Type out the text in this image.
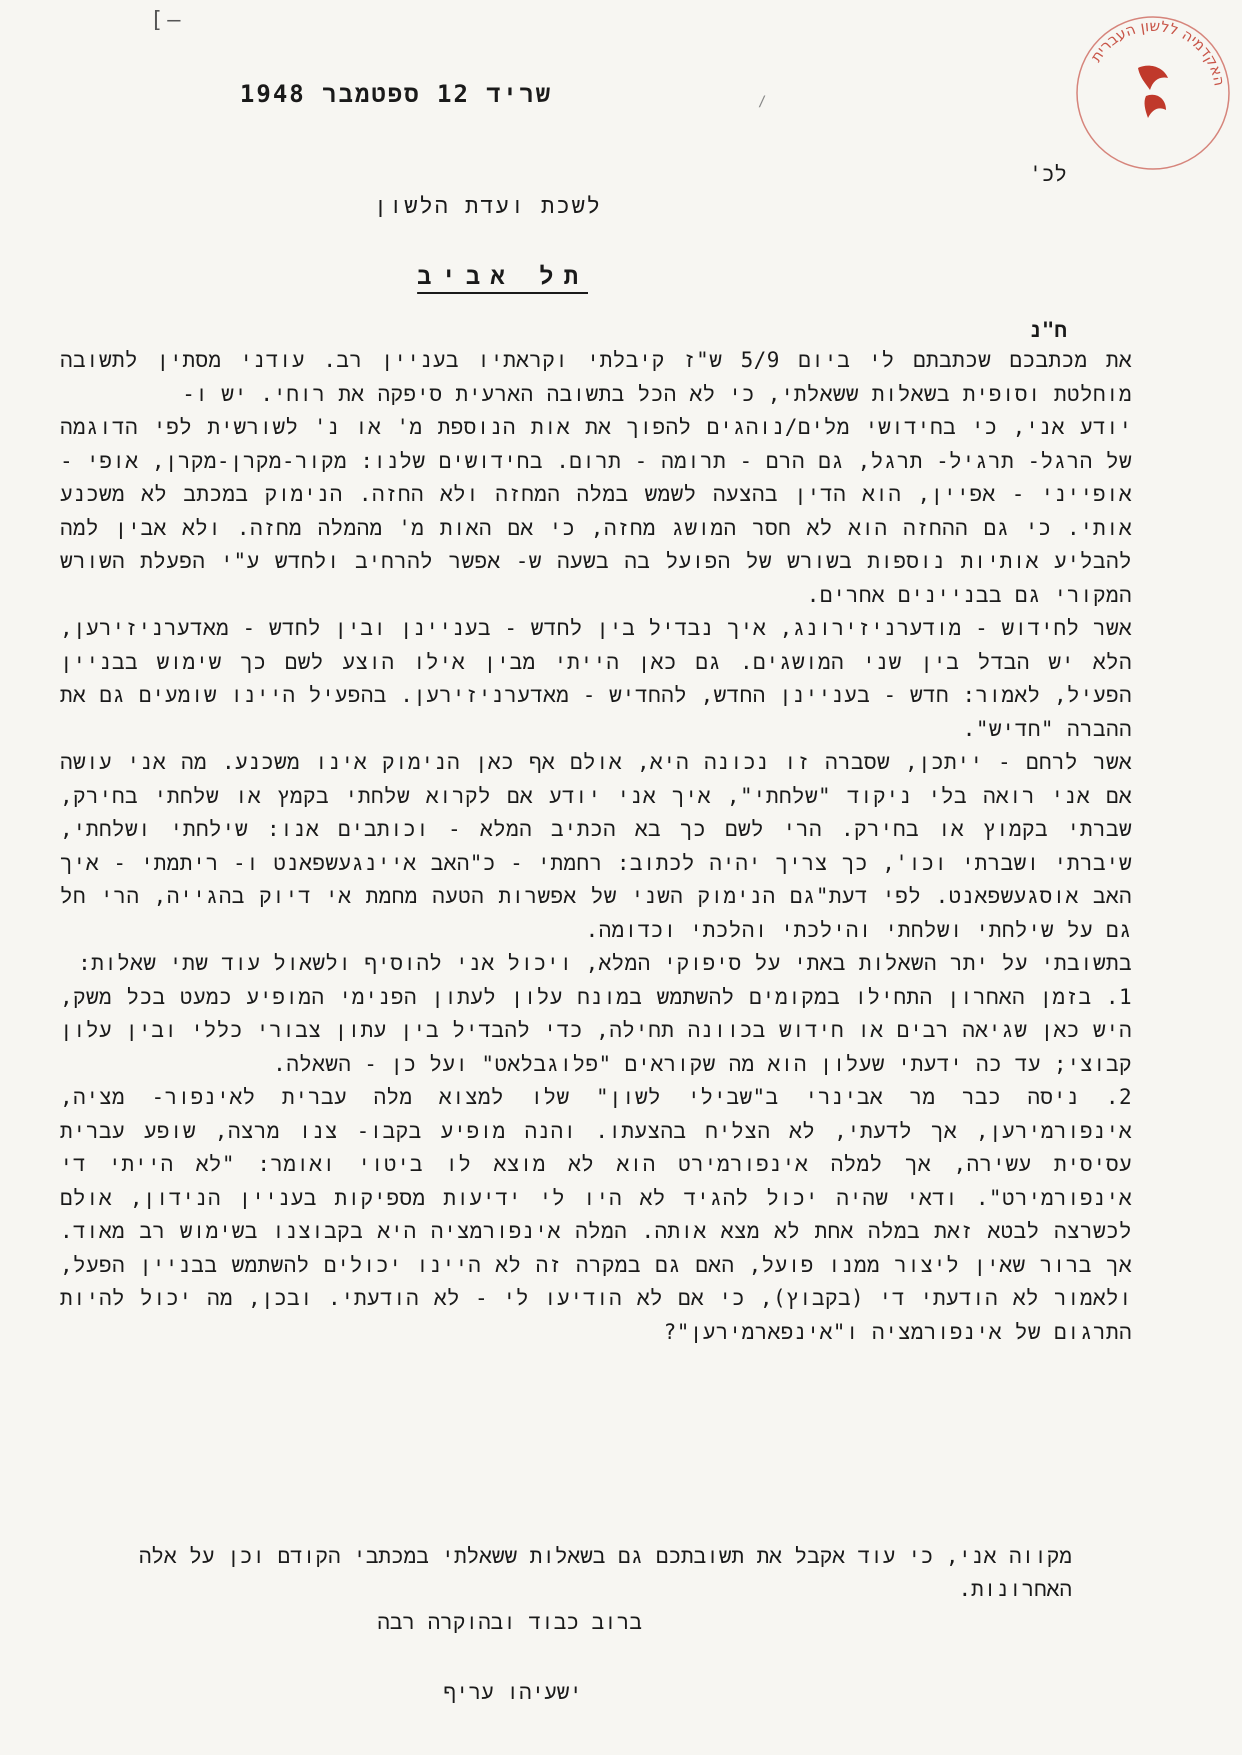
[–
/
האקדמיה ללשון העברית
שריד 12 ספטמבר 1948
לכ'
לשכת ועדת הלשון
תל אביב
ח"נ

את מכתבכם שכתבתם לי ביום 5/9 ש"ז קיבלתי וקראתיו בעניין רב. עודני מסתין לתשובה מוחלטת וסופית בשאלות ששאלתי, כי לא הכל בתשובה הארעית סיפקה את רוחי. יש ו-

יודע אני, כי בחידושי מלים/נוהגים להפוך את אות הנוספת מ' או נ' לשורשית לפי הדוגמה של הרגל- תרגיל- תרגל, גם הרם - תרומה - תרום. בחידושים שלנו: מקור-מקרן-מקרן, אופי - אופייני - אפיין, הוא הדין בהצעה לשמש במלה המחזה ולא החזה. הנימוק במכתב לא משכנע אותי. כי גם ההחזה הוא לא חסר המושג מחזה, כי אם האות מ' מהמלה מחזה. ולא אבין למה להבליע אותיות נוספות בשורש של הפועל בה בשעה ש- אפשר להרחיב ולחדש ע"י הפעלת השורש המקורי גם בבניינים אחרים.

אשר לחידוש - מודערניזירונג, איך נבדיל בין לחדש - בעניינן ובין לחדש - מאדערניזירען, הלא יש הבדל בין שני המושגים. גם כאן הייתי מבין אילו הוצע לשם כך שימוש בבניין הפעיל, לאמור: חדש - בעניינן החדש, להחדיש - מאדערניזירען. בהפעיל היינו שומעים גם את ההברה "חדיש".

אשר לרחם - ייתכן, שסברה זו נכונה היא, אולם אף כאן הנימוק אינו משכנע. מה אני עושה אם אני רואה בלי ניקוד "שלחתי", איך אני יודע אם לקרוא שלחתי בקמץ או שלחתי בחירק, שברתי בקמוץ או בחירק. הרי לשם כך בא הכתיב המלא - וכותבים אנו: שילחתי ושלחתי, שיברתי ושברתי וכו', כך צריך יהיה לכתוב: רחמתי - כ"האב איינגעשפאנט ו- ריתמתי - איך האב אוסגעשפאנט. לפי דעת"גם הנימוק השני של אפשרות הטעה מחמת אי דיוק בהגייה, הרי חל גם על שילחתי ושלחתי והילכתי והלכתי וכדומה.

בתשובתי על יתר השאלות באתי על סיפוקי המלא, ויכול אני להוסיף ולשאול עוד שתי שאלות:

1. בזמן האחרון התחילו במקומים להשתמש במונח עלון לעתון הפנימי המופיע כמעט בכל משק, היש כאן שגיאה רבים או חידוש בכוונה תחילה, כדי להבדיל בין עתון צבורי כללי ובין עלון קבוצי; עד כה ידעתי שעלון הוא מה שקוראים "פלוגבלאט" ועל כן - השאלה.

2. ניסה כבר מר אבינרי ב"שבילי לשון" שלו למצוא מלה עברית לאינפור- מציה, אינפורמירען, אך לדעתי, לא הצליח בהצעתו. והנה מופיע בקבו- צנו מרצה, שופע עברית עסיסית עשירה, אך למלה אינפורמירט הוא לא מוצא לו ביטוי ואומר: "לא הייתי די אינפורמירט". ודאי שהיה יכול להגיד לא היו לי ידיעות מספיקות בעניין הנידון, אולם לכשרצה לבטא זאת במלה אחת לא מצא אותה. המלה אינפורמציה היא בקבוצנו בשימוש רב מאוד. אך ברור שאין ליצור ממנו פועל, האם גם במקרה זה לא היינו יכולים להשתמש בבניין הפעל, ולאמור לא הודעתי די (בקבוץ), כי אם לא הודיעו לי - לא הודעתי. ובכן, מה יכול להיות התרגום של אינפורמציה ו"אינפארמירען"?

מקווה אני, כי עוד אקבל את תשובתכם גם בשאלות ששאלתי במכתבי הקודם וכן על אלה האחרונות.

ברוב כבוד ובהוקרה רבה
ישעיהו עריף
